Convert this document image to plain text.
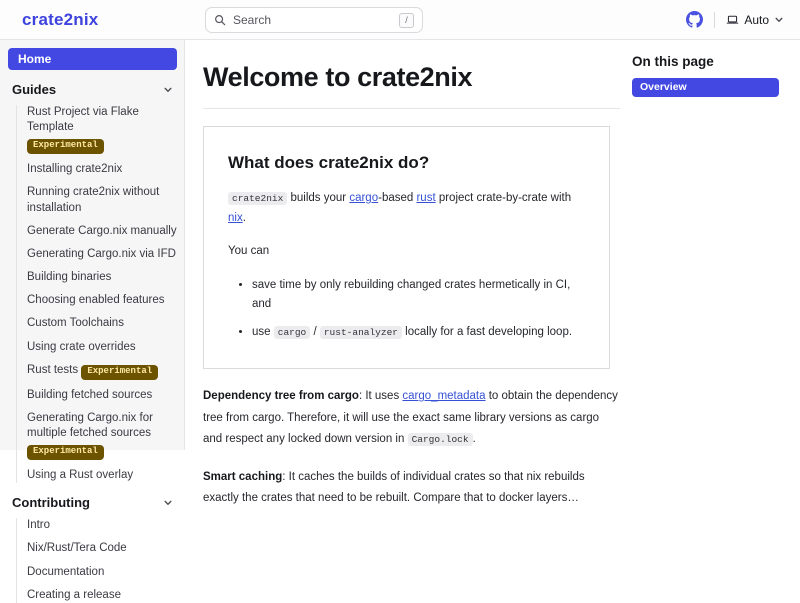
crate2nix	Search	/	Auto
Home
Guides
Rust Project via Flake Template
Experimental
Installing crate2nix
Running crate2nix without installation
Generate Cargo.nix manually
Generating Cargo.nix via IFD
Building binaries
Choosing enabled features
Custom Toolchains
Using crate overrides
Rust tests Experimental
Building fetched sources
Generating Cargo.nix for multiple fetched sources
Experimental
Using a Rust overlay
Contributing
Intro
Nix/Rust/Tera Code
Documentation
Creating a release
Welcome to crate2nix
What does crate2nix do?

crate2nix builds your cargo-based rust project crate-by-crate with nix.

You can

• save time by only rebuilding changed crates hermetically in CI, and
• use cargo / rust-analyzer locally for a fast developing loop.

Dependency tree from cargo: It uses cargo_metadata to obtain the dependency tree from cargo. Therefore, it will use the exact same library versions as cargo and respect any locked down version in Cargo.lock .

Smart caching: It caches the builds of individual crates so that nix rebuilds exactly the crates that need to be rebuilt. Compare that to docker layers…

On this page
Overview
